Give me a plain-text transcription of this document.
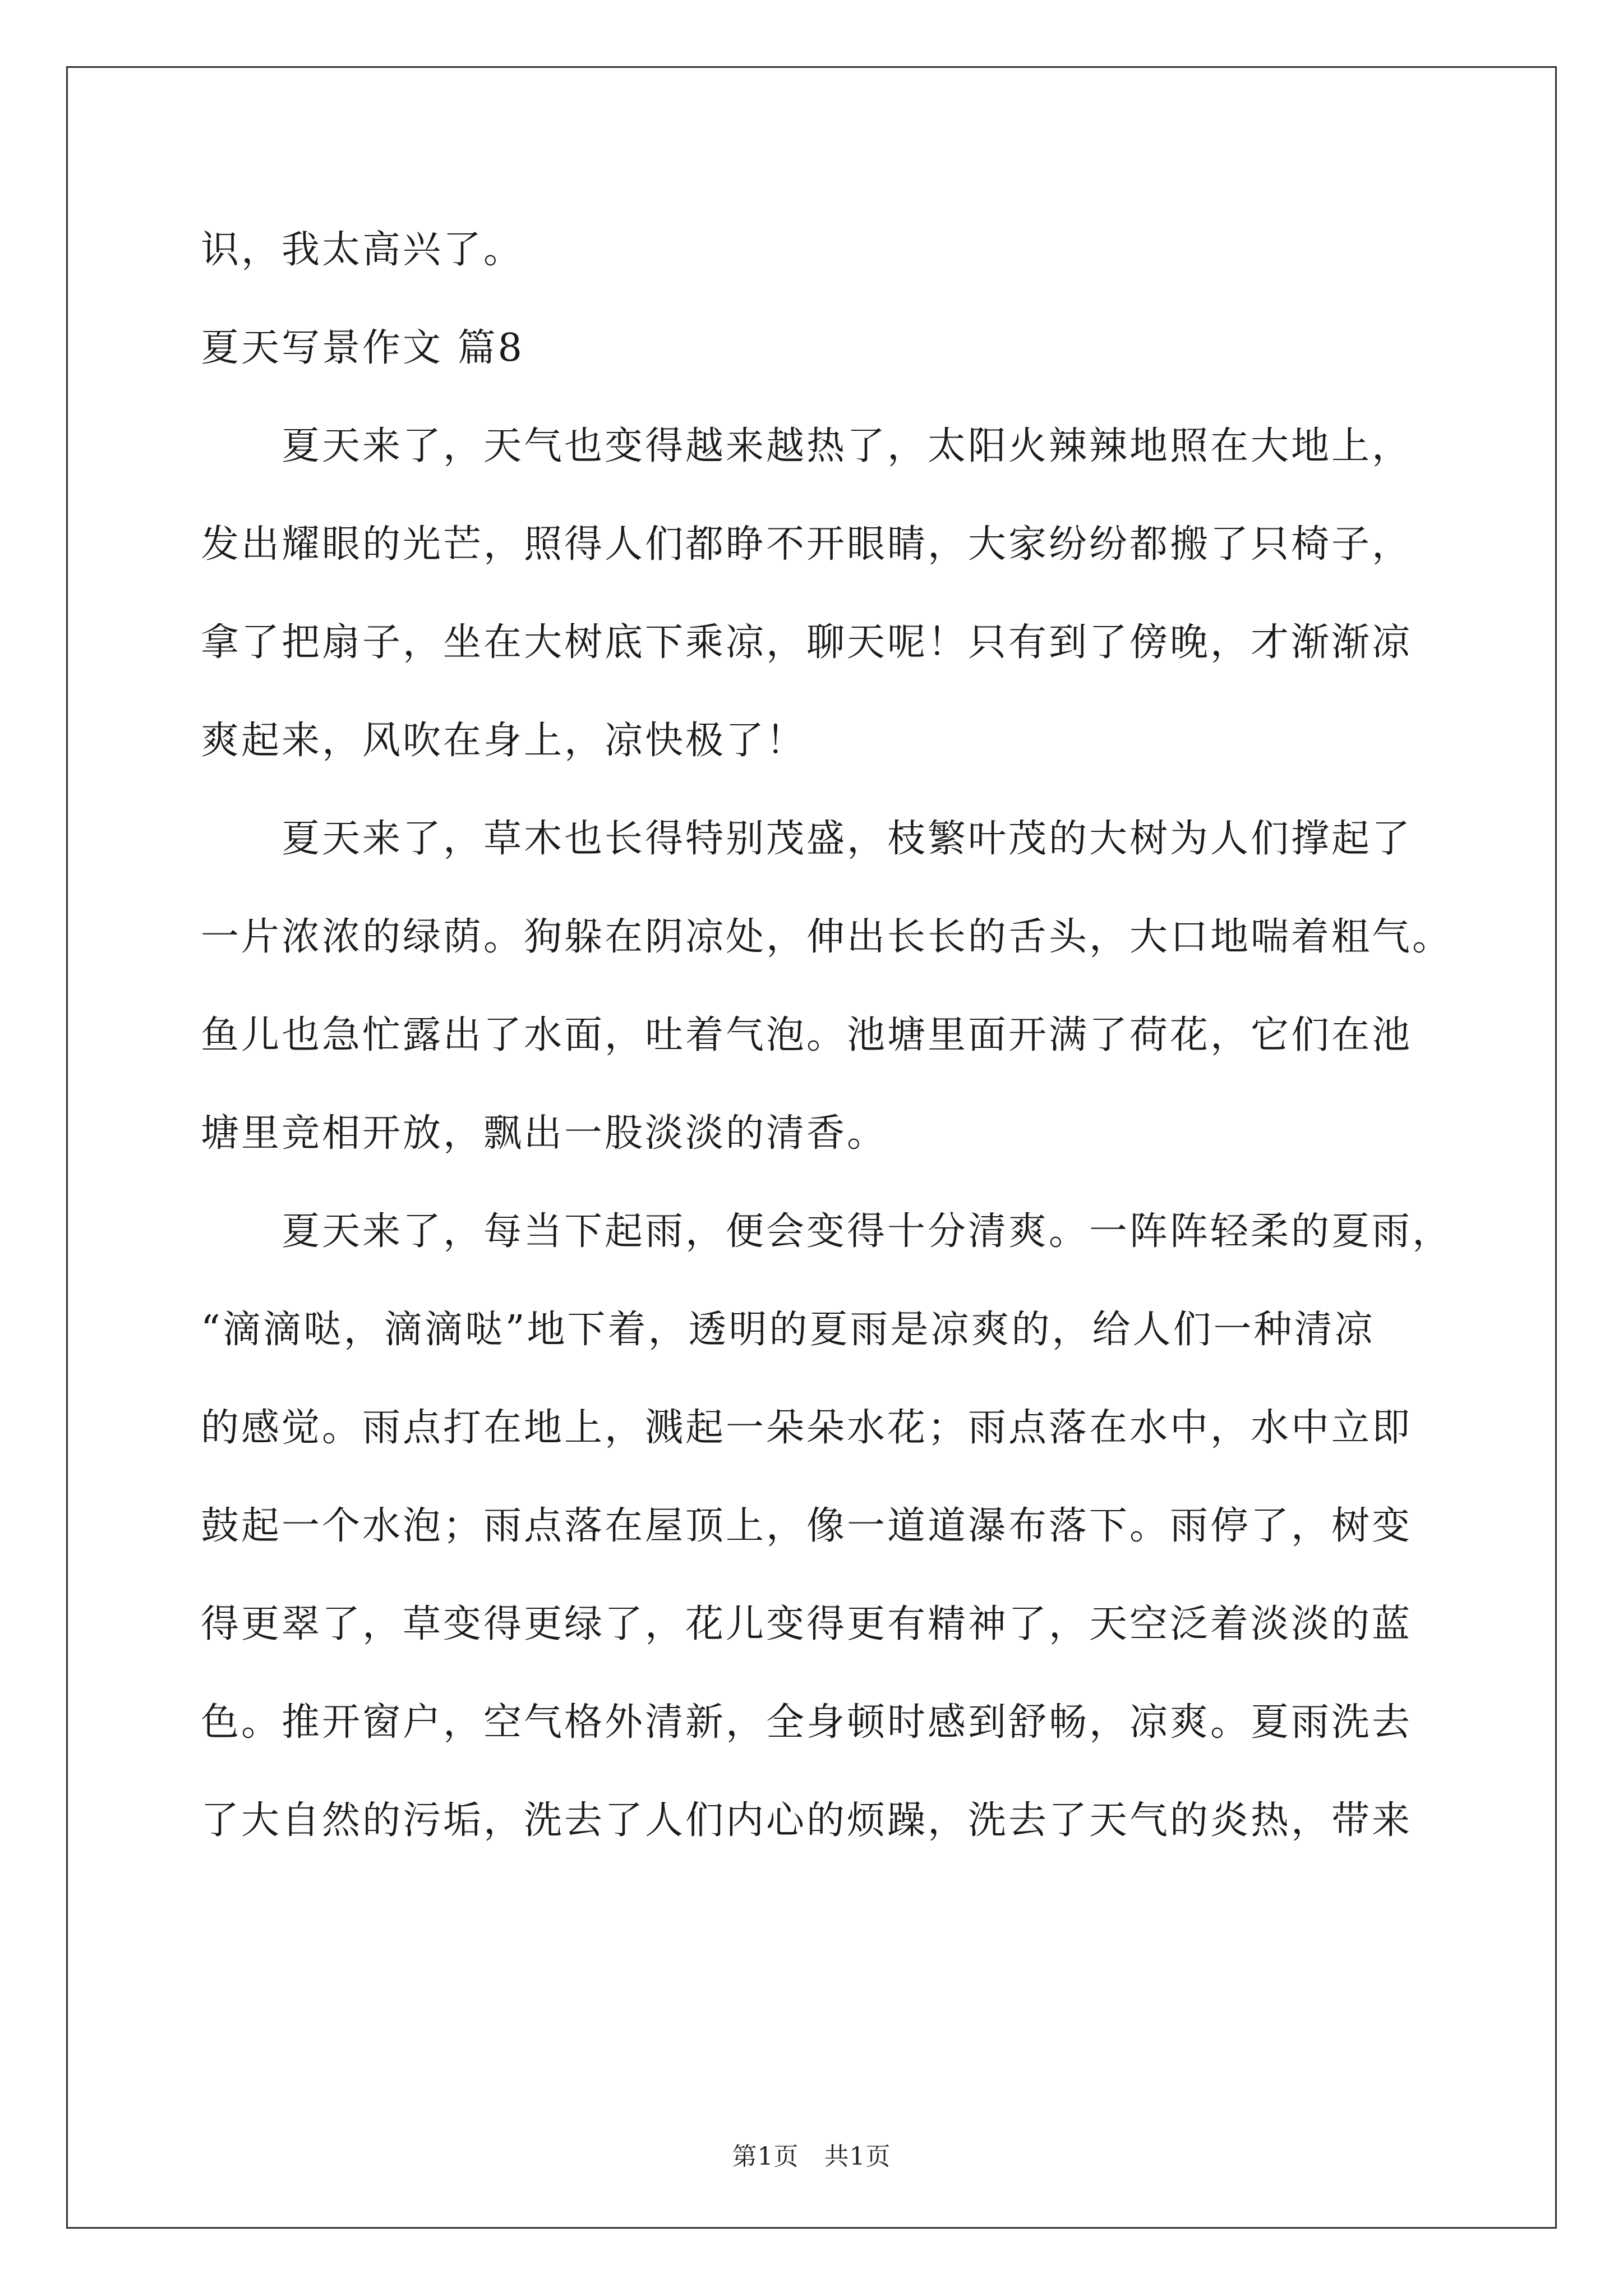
识，我太高兴了。
夏天写景作文 篇8
　　夏天来了，天气也变得越来越热了，太阳火辣辣地照在大地上，
发出耀眼的光芒，照得人们都睁不开眼睛，大家纷纷都搬了只椅子，
拿了把扇子，坐在大树底下乘凉，聊天呢！只有到了傍晚，才渐渐凉
爽起来，风吹在身上，凉快极了！
　　夏天来了，草木也长得特别茂盛，枝繁叶茂的大树为人们撑起了
一片浓浓的绿荫。狗躲在阴凉处，伸出长长的舌头，大口地喘着粗气。
鱼儿也急忙露出了水面，吐着气泡。池塘里面开满了荷花，它们在池
塘里竞相开放，飘出一股淡淡的清香。
　　夏天来了，每当下起雨，便会变得十分清爽。一阵阵轻柔的夏雨，
“滴滴哒，滴滴哒”地下着，透明的夏雨是凉爽的，给人们一种清凉
的感觉。雨点打在地上，溅起一朵朵水花；雨点落在水中，水中立即
鼓起一个水泡；雨点落在屋顶上，像一道道瀑布落下。雨停了，树变
得更翠了，草变得更绿了，花儿变得更有精神了，天空泛着淡淡的蓝
色。推开窗户，空气格外清新，全身顿时感到舒畅，凉爽。夏雨洗去
了大自然的污垢，洗去了人们内心的烦躁，洗去了天气的炎热，带来
第1页　共1页
